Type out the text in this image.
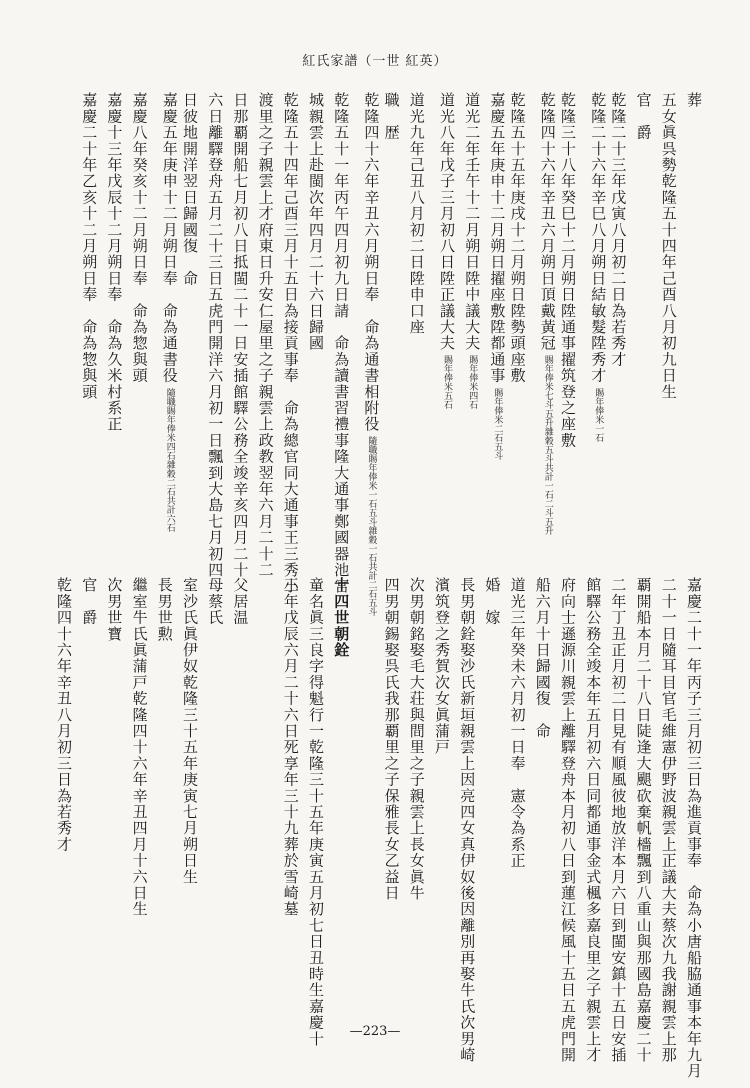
紅氏家譜（一世 紅英）
葬
五女眞呉勢乾隆五十四年己酉八月初九日生
官　爵
乾隆二十三年戊寅八月初二日為若秀才
乾隆二十六年辛巳八月朔日結敏髮陞秀才賜年俸米一石
乾隆三十八年癸巳十二月朔日陞通事擢筑登之座敷
乾隆四十六年辛丑六月朔日頂戴黃冠賜年俸米七斗五升雜穀五斗共計一石二斗五升
乾隆五十五年庚戌十二月朔日陞勢頭座敷
嘉慶五年庚申十二月朔日擢座敷陞都通事賜年俸米二石五斗
道光二年壬午十二月朔日陞中議大夫賜年俸米四石
道光八年戊子三月初八日陞正議大夫賜年俸米五石
道光九年己丑八月初二日陞申口座
職　歴
乾隆四十六年辛丑六月朔日奉　命為通書相附役隨職賜年俸米一石五斗雜穀一石共計二石五斗
乾隆五十一年丙午四月初九日請　命為讀書習禮事隆大通事鄭國器池宮
城親雲上赴閩次年四月二十六日歸國
乾隆五十四年己酉三月十五日為接貢事奉　命為總官同大通事王三秀小
渡里之子親雲上才府東日升安仁屋里之子親雲上政教翌年六月二十二
日那覇開船七月初八日抵閩二十一日安插館驛公務全竣辛亥四月二十
六日離驛登舟五月二十三日五虎門開洋六月初一日飄到大島七月初四
日彼地開洋翌日歸國復　命
嘉慶五年庚申十二月朔日奉　命為通書役隨職賜年俸米四石雜穀二石共計六石
嘉慶八年癸亥十二月朔日奉　命為惣與頭
嘉慶十三年戊辰十二月朔日奉　命為久米村系正
嘉慶二十年乙亥十二月朔日奉　命為惣與頭
嘉慶二十一年丙子三月初三日為進貢事奉　命為小唐船脇通事本年九月
二十一日隨耳目官毛維憲伊野波親雲上正議大夫蔡次九我謝親雲上那
覇開船本月二十八日陡逢大颶砍棄帆檣飄到八重山與那國島嘉慶二十
二年丁丑正月初二日見有順風彼地放洋本月六日到閩安鎮十五日安插
館驛公務全竣本年五月初六日同都通事金式楓多嘉良里之子親雲上才
府向士遜源川親雲上離驛登舟本月初八日到蓮江候風十五日五虎門開
船六月十日歸國復　命
道光三年癸未六月初一日奉　憲令為系正
婚　嫁
長男朝銓娶沙氏新垣親雲上因亮四女真伊奴後因離別再娶牛氏次男崎
濱筑登之秀賀次女眞蒲戸
次男朝銘娶毛大荘與間里之子親雲上長女眞牛
四男朝錫娶呉氏我那覇里之子保雅長女乙益日
十四世朝銓
童名眞三良字得魁行一乾隆三十五年庚寅五月初七日丑時生嘉慶十
三年戊辰六月二十六日死享年三十九葬於雪崎墓
父居温
母蔡氏
室沙氏眞伊奴乾隆三十五年庚寅七月朔日生
長男世勲
繼室牛氏眞蒲戸乾隆四十六年辛丑四月十六日生
次男世寶
官　爵
乾隆四十六年辛丑八月初三日為若秀才
—223—
